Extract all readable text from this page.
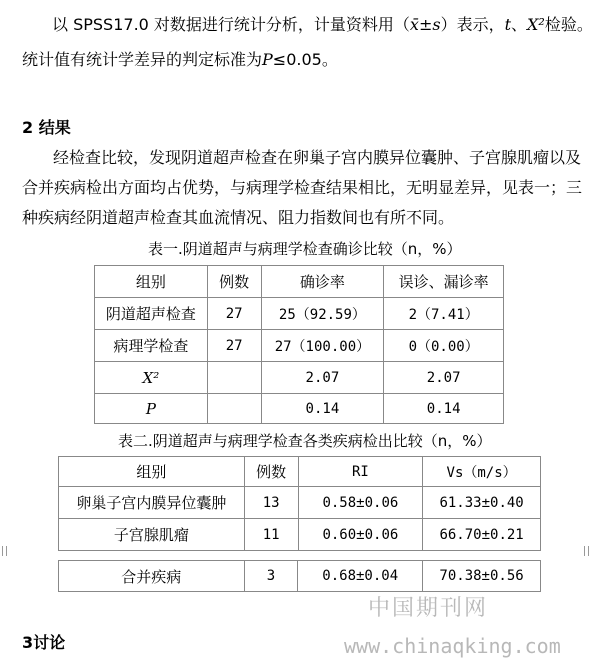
以 SPSS17.0 对数据进行统计分析，计量资料用（x̄±s）表示，t、X²检验。
统计值有统计学差异的判定标准为P≤0.05。
2 结果
经检查比较，发现阴道超声检查在卵巢子宫内膜异位囊肿、子宫腺肌瘤以及
合并疾病检出方面均占优势，与病理学检查结果相比，无明显差异，见表一；三
种疾病经阴道超声检查其血流情况、阻力指数间也有所不同。
表一.阴道超声与病理学检查确诊比较（n，%）
组别	例数	确诊率	误诊、漏诊率
阴道超声检查	27	25（92.59）	2（7.41）
病理学检查	27	27（100.00）	0（0.00）
X²		2.07	2.07
P		0.14	0.14
表二.阴道超声与病理学检查各类疾病检出比较（n，%）
组别	例数	RI	Vs（m/s）
卵巢子宫内膜异位囊肿	13	0.58±0.06	61.33±0.40
子宫腺肌瘤	11	0.60±0.06	66.70±0.21
合并疾病	3	0.68±0.04	70.38±0.56
中国期刊网
www.chinaqking.com
3讨论
